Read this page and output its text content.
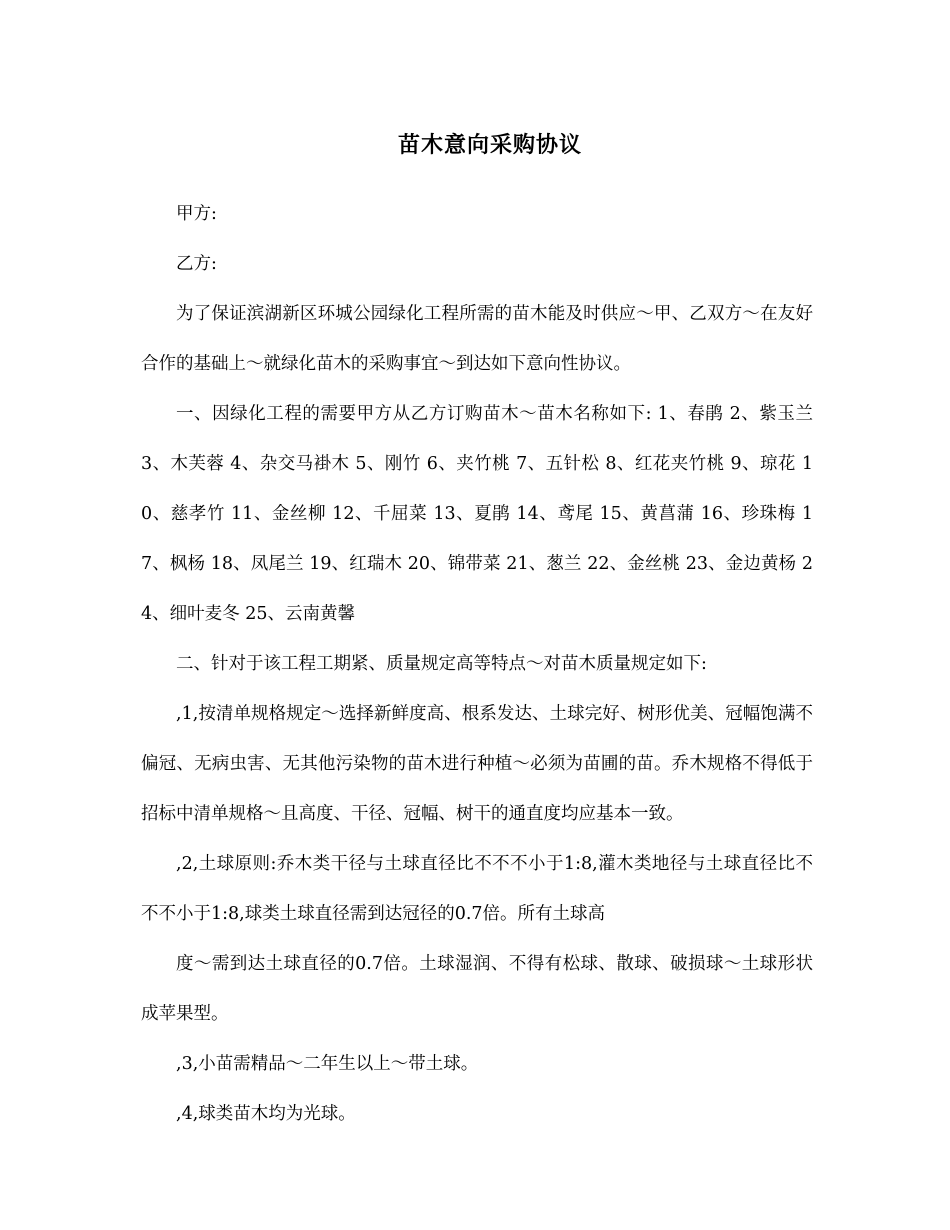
苗木意向采购协议

甲方:

乙方:

为了保证滨湖新区环城公园绿化工程所需的苗木能及时供应～甲、乙双方～在友好合作的基础上～就绿化苗木的采购事宜～到达如下意向性协议。

一、因绿化工程的需要甲方从乙方订购苗木～苗木名称如下: 1、春鹃 2、紫玉兰 3、木芙蓉 4、杂交马褂木 5、刚竹 6、夹竹桃 7、五针松 8、红花夹竹桃 9、琼花 10、慈孝竹 11、金丝柳 12、千屈菜 13、夏鹃 14、鸢尾 15、黄菖蒲 16、珍珠梅 17、枫杨 18、凤尾兰 19、红瑞木 20、锦带菜 21、葱兰 22、金丝桃 23、金边黄杨 24、细叶麦冬 25、云南黄馨

二、针对于该工程工期紧、质量规定高等特点～对苗木质量规定如下:

,1,按清单规格规定～选择新鲜度高、根系发达、土球完好、树形优美、冠幅饱满不偏冠、无病虫害、无其他污染物的苗木进行种植～必须为苗圃的苗。乔木规格不得低于招标中清单规格～且高度、干径、冠幅、树干的通直度均应基本一致。

,2,土球原则:乔木类干径与土球直径比不不不小于1:8,灌木类地径与土球直径比不不不小于1:8,球类土球直径需到达冠径的0.7倍。所有土球高

度～需到达土球直径的0.7倍。土球湿润、不得有松球、散球、破损球～土球形状成苹果型。

,3,小苗需精品～二年生以上～带土球。

,4,球类苗木均为光球。
